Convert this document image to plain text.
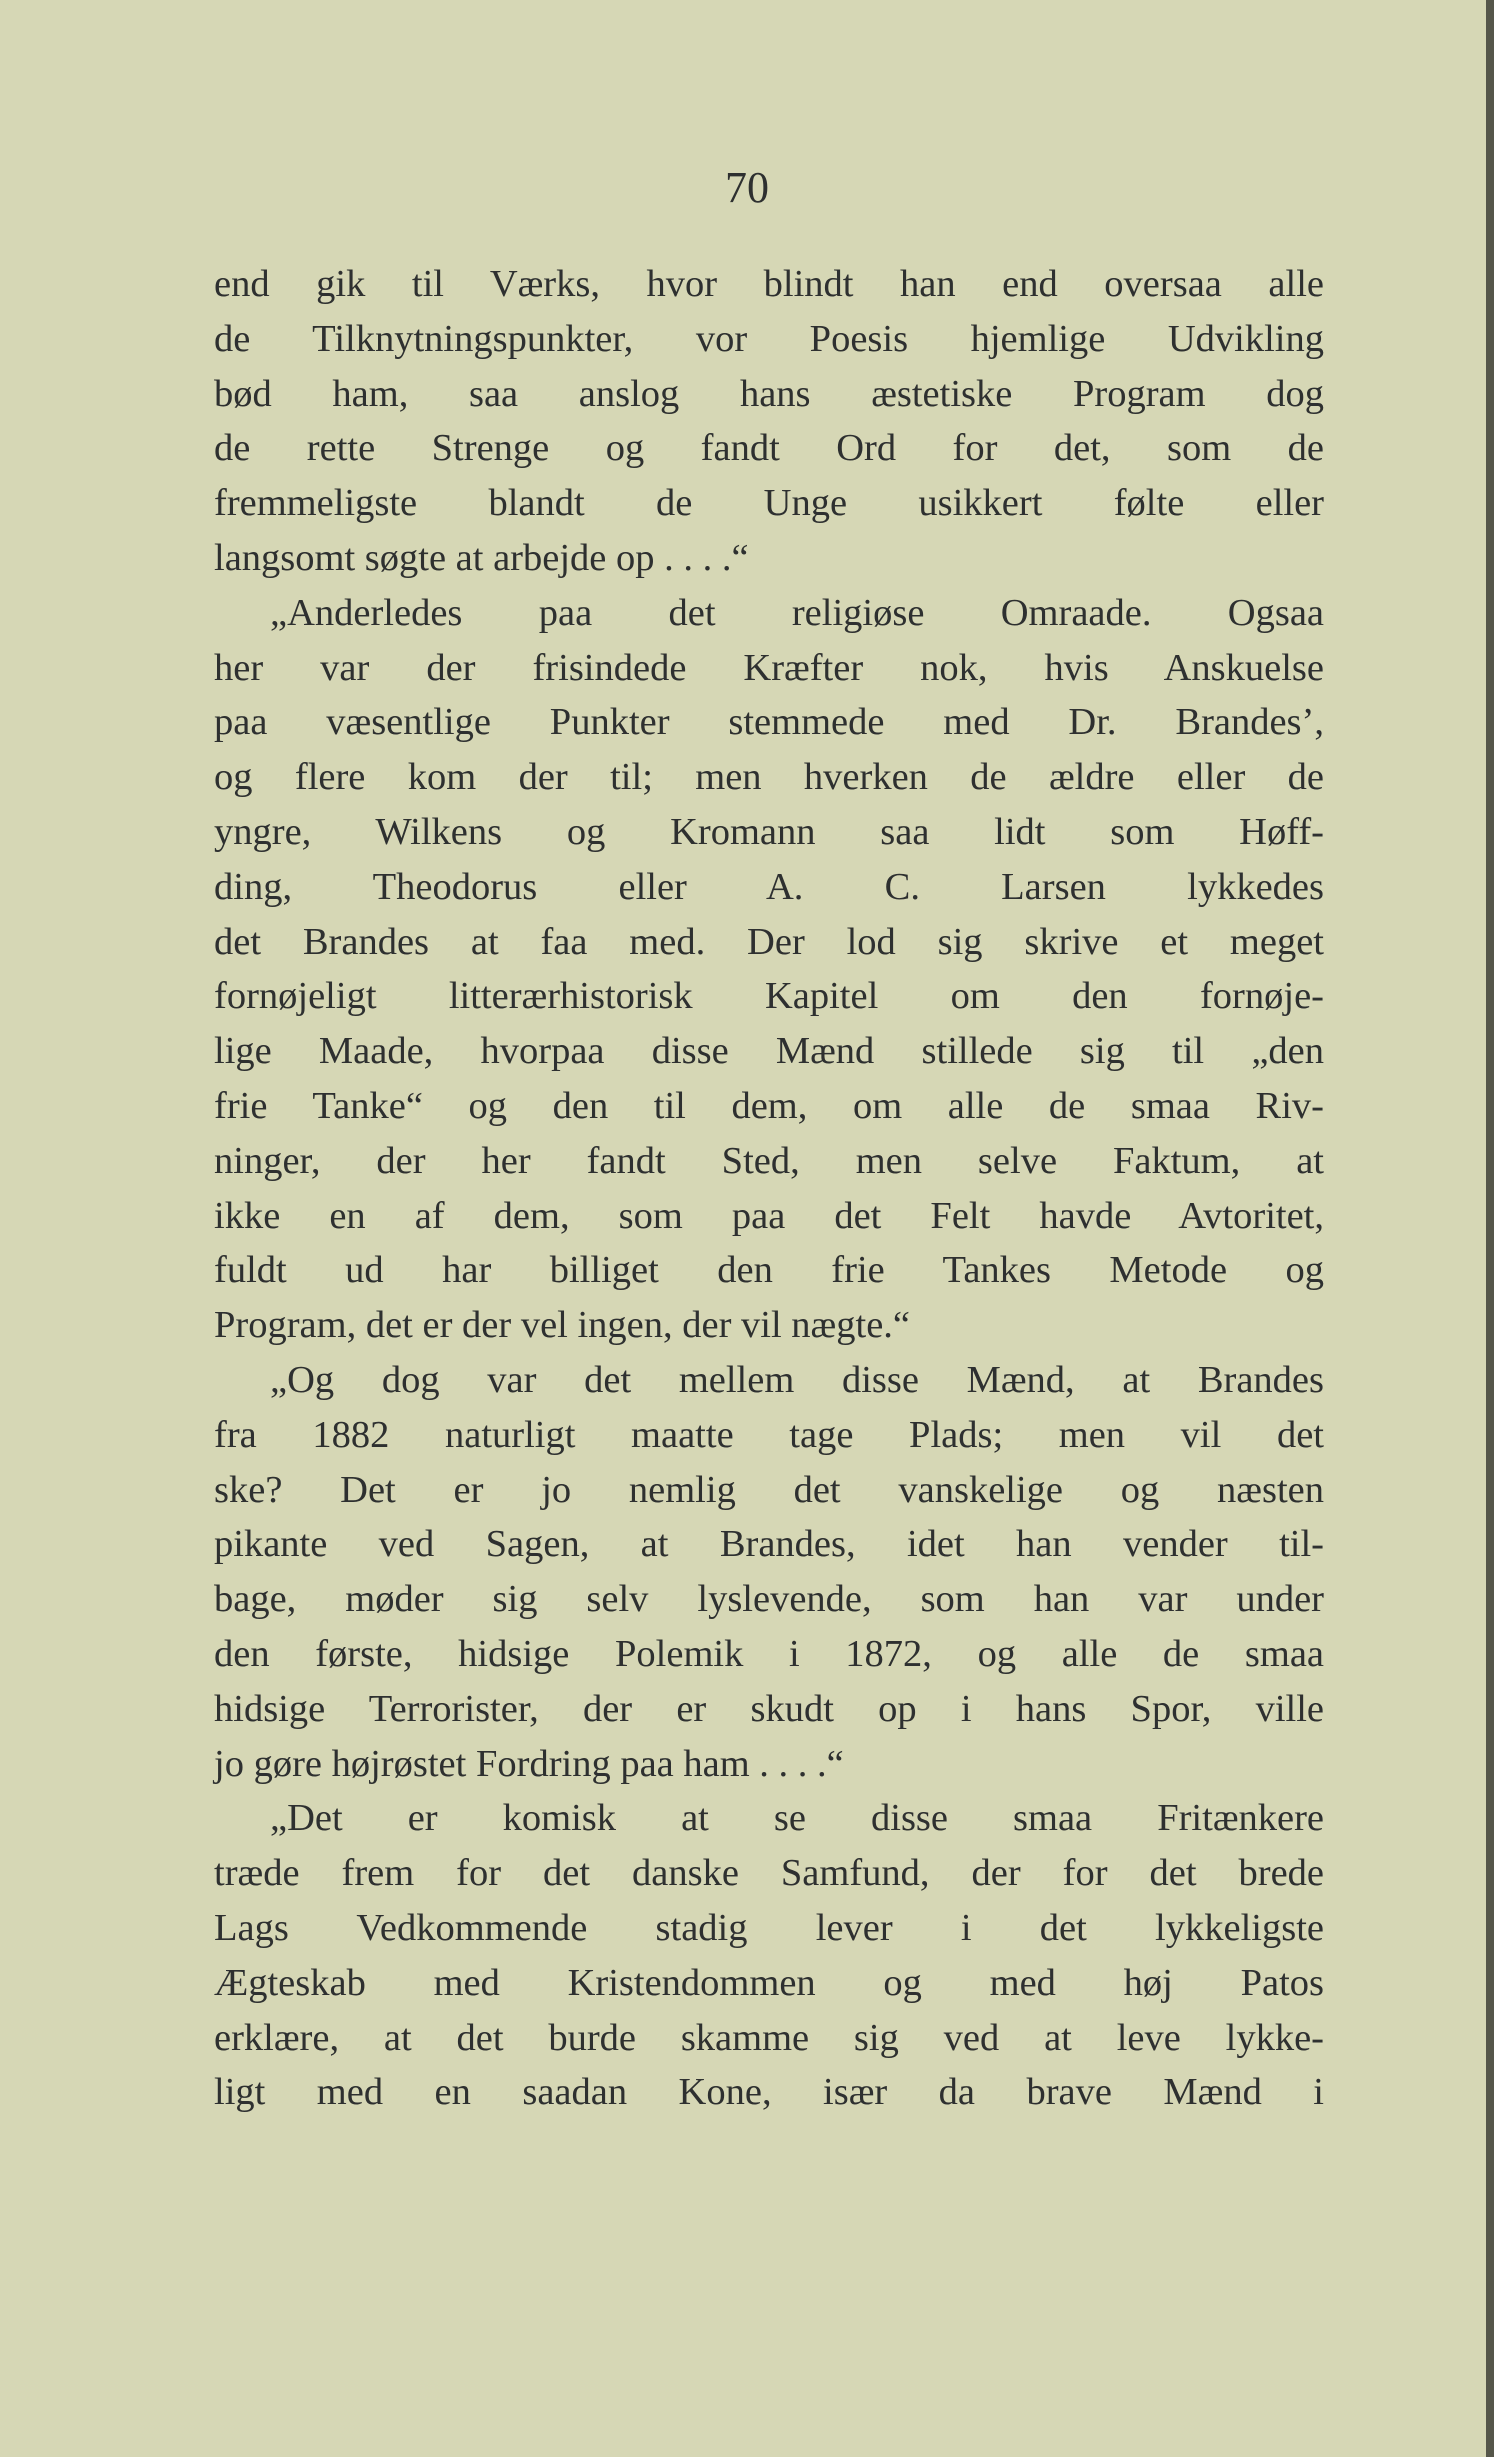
70
end gik til Værks, hvor blindt han end oversaa alle
de Tilknytningspunkter, vor Poesis hjemlige Udvikling
bød ham, saa anslog hans æstetiske Program dog
de rette Strenge og fandt Ord for det, som de
fremmeligste blandt de Unge usikkert følte eller
langsomt søgte at arbejde op . . . .“
„Anderledes paa det religiøse Omraade. Ogsaa
her var der frisindede Kræfter nok, hvis Anskuelse
paa væsentlige Punkter stemmede med Dr. Brandes’,
og flere kom der til; men hverken de ældre eller de
yngre, Wilkens og Kromann saa lidt som Høff-
ding, Theodorus eller A. C. Larsen lykkedes
det Brandes at faa med. Der lod sig skrive et meget
fornøjeligt litterærhistorisk Kapitel om den fornøje-
lige Maade, hvorpaa disse Mænd stillede sig til „den
frie Tanke“ og den til dem, om alle de smaa Riv-
ninger, der her fandt Sted, men selve Faktum, at
ikke en af dem, som paa det Felt havde Avtoritet,
fuldt ud har billiget den frie Tankes Metode og
Program, det er der vel ingen, der vil nægte.“
„Og dog var det mellem disse Mænd, at Brandes
fra 1882 naturligt maatte tage Plads; men vil det
ske? Det er jo nemlig det vanskelige og næsten
pikante ved Sagen, at Brandes, idet han vender til-
bage, møder sig selv lyslevende, som han var under
den første, hidsige Polemik i 1872, og alle de smaa
hidsige Terrorister, der er skudt op i hans Spor, ville
jo gøre højrøstet Fordring paa ham . . . .“
„Det er komisk at se disse smaa Fritænkere
træde frem for det danske Samfund, der for det brede
Lags Vedkommende stadig lever i det lykkeligste
Ægteskab med Kristendommen og med høj Patos
erklære, at det burde skamme sig ved at leve lykke-
ligt med en saadan Kone, især da brave Mænd i
